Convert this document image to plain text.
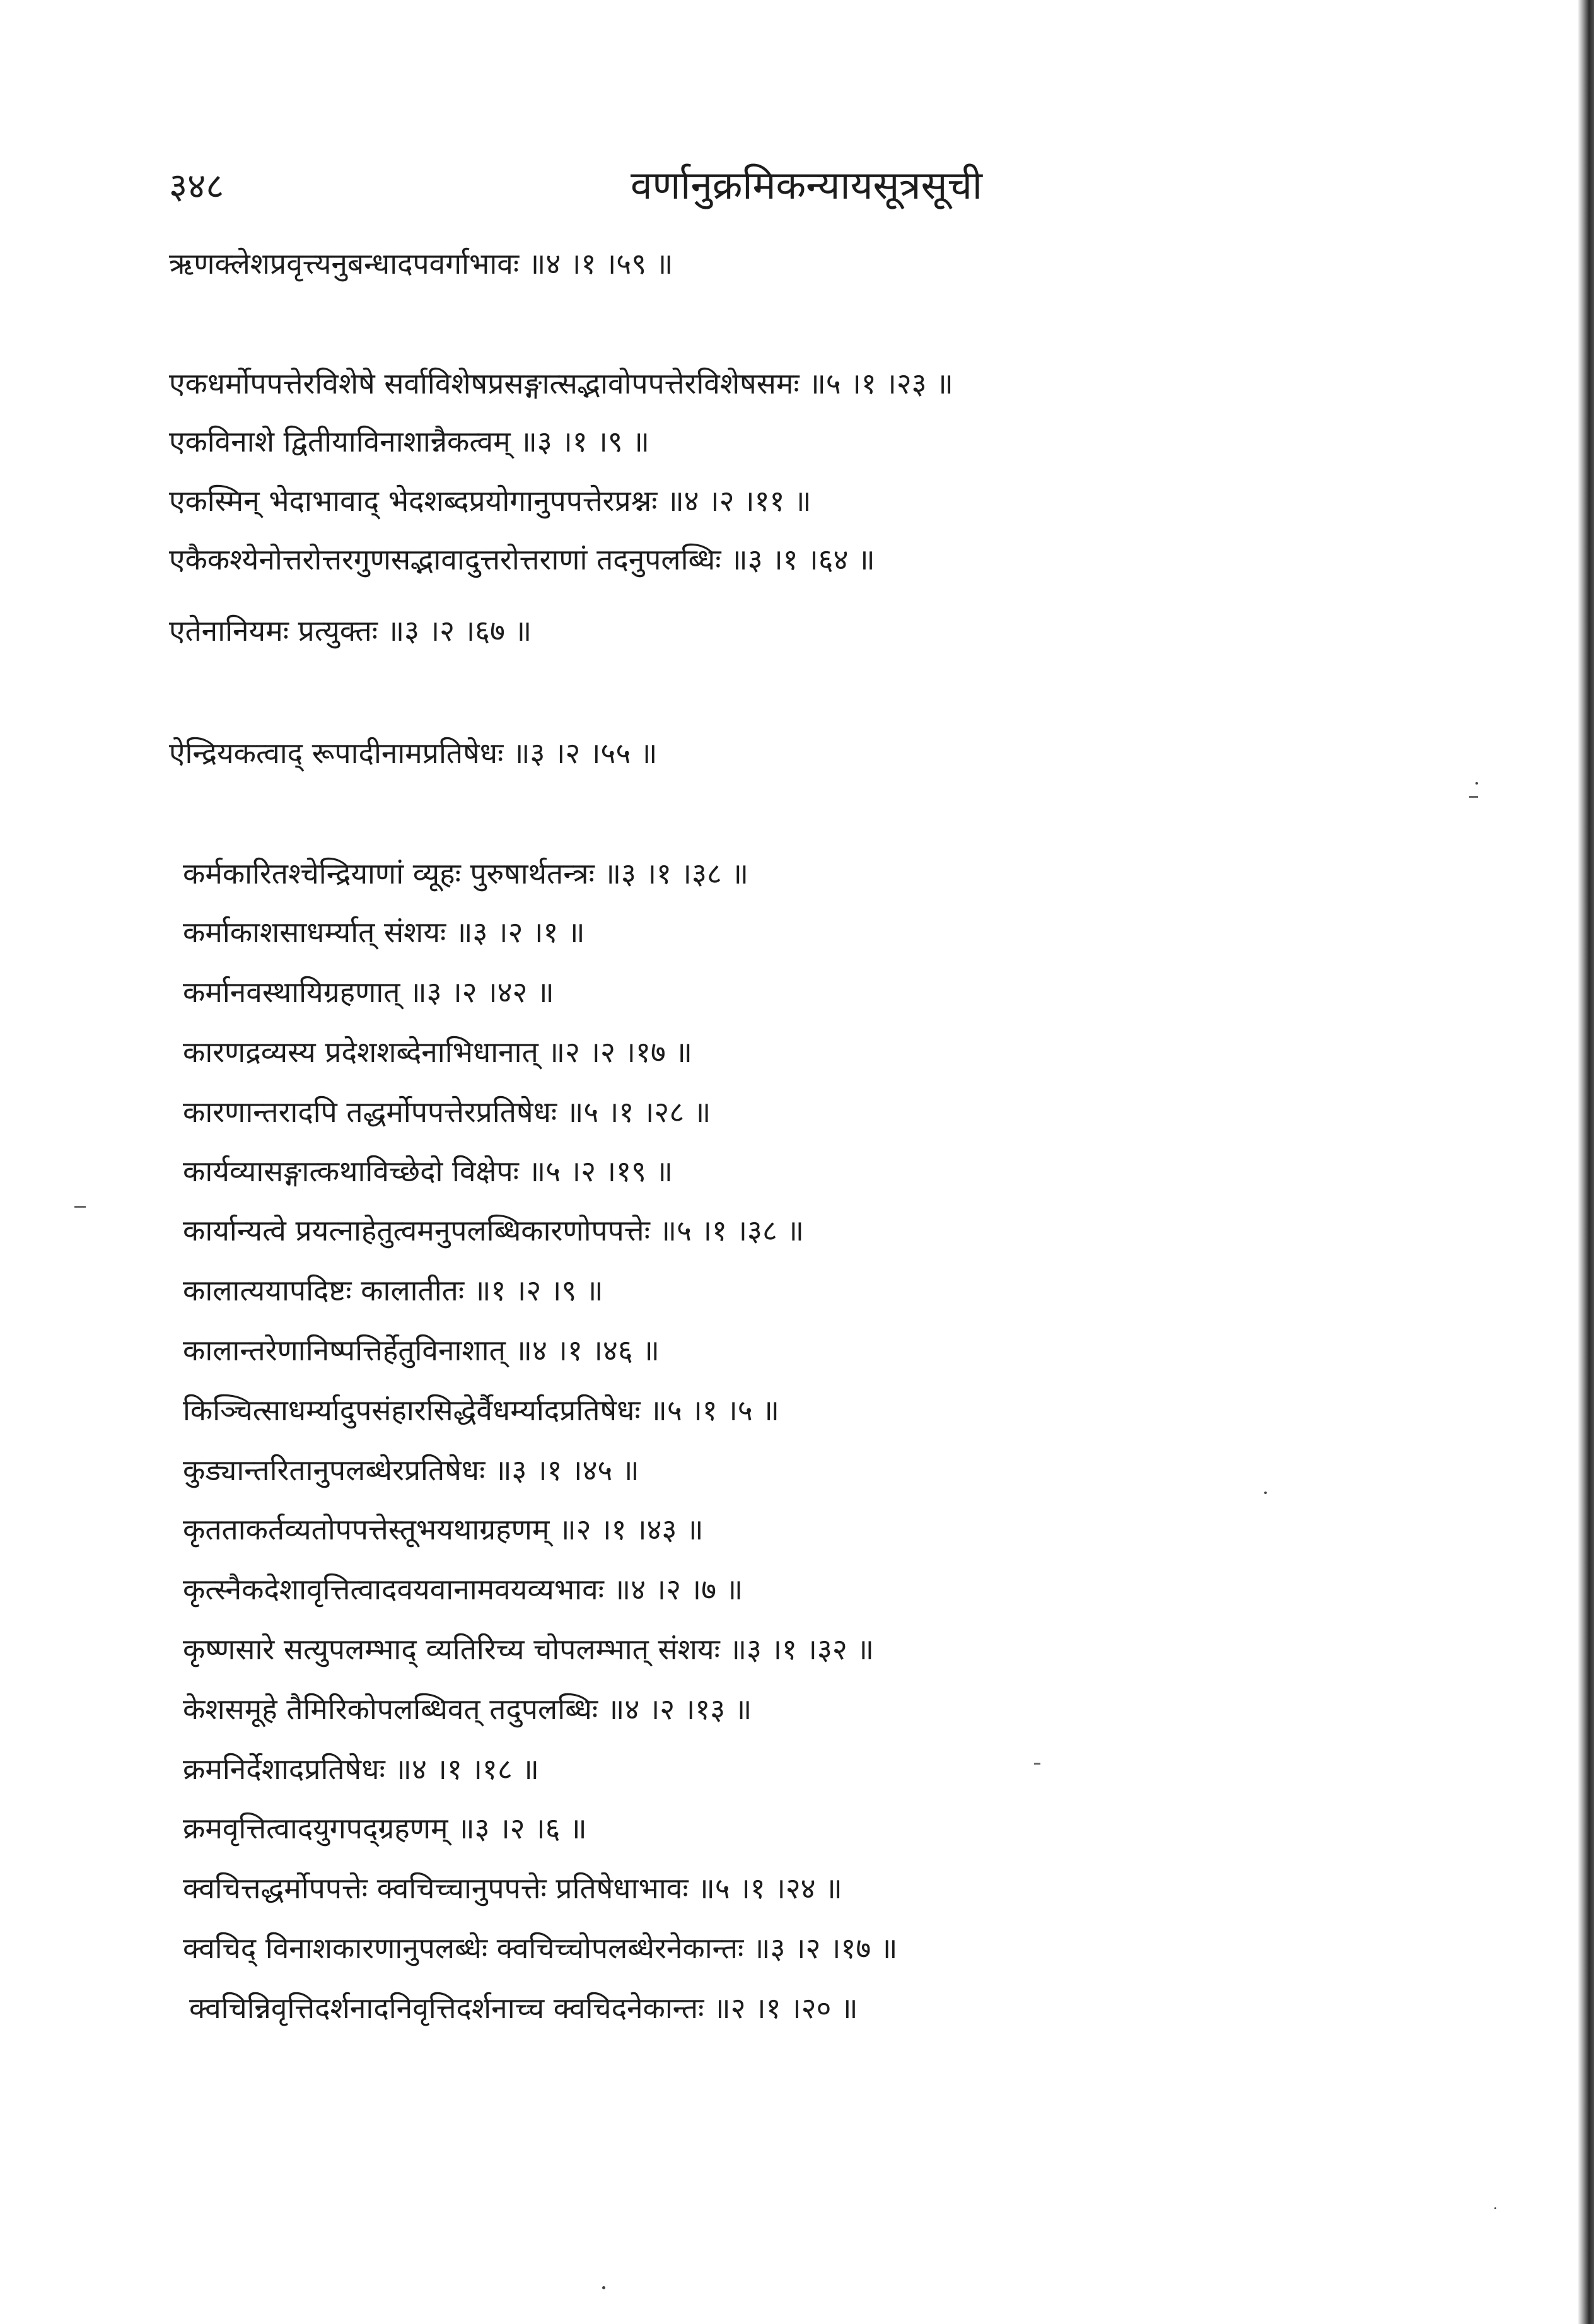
३४८	वर्णानुक्रमिकन्यायसूत्रसूची
ऋणक्लेशप्रवृत्त्यनुबन्धादपवर्गाभावः ॥४ ।१ ।५९ ॥
एकधर्मोपपत्तेरविशेषे सर्वाविशेषप्रसङ्गात्सद्भावोपपत्तेरविशेषसमः ॥५ ।१ ।२३ ॥
एकविनाशे द्वितीयाविनाशान्नैकत्वम् ॥३ ।१ ।९ ॥
एकस्मिन् भेदाभावाद् भेदशब्दप्रयोगानुपपत्तेरप्रश्नः ॥४ ।२ ।११ ॥
एकैकश्येनोत्तरोत्तरगुणसद्भावादुत्तरोत्तराणां तदनुपलब्धिः ॥३ ।१ ।६४ ॥
एतेनानियमः प्रत्युक्तः ॥३ ।२ ।६७ ॥
ऐन्द्रियकत्वाद् रूपादीनामप्रतिषेधः ॥३ ।२ ।५५ ॥
कर्मकारितश्चेन्द्रियाणां व्यूहः पुरुषार्थतन्त्रः ॥३ ।१ ।३८ ॥
कर्माकाशसाधर्म्यात् संशयः ॥३ ।२ ।१ ॥
कर्मानवस्थायिग्रहणात् ॥३ ।२ ।४२ ॥
कारणद्रव्यस्य प्रदेशशब्देनाभिधानात् ॥२ ।२ ।१७ ॥
कारणान्तरादपि तद्धर्मोपपत्तेरप्रतिषेधः ॥५ ।१ ।२८ ॥
कार्यव्यासङ्गात्कथाविच्छेदो विक्षेपः ॥५ ।२ ।१९ ॥
कार्यान्यत्वे प्रयत्नाहेतुत्वमनुपलब्धिकारणोपपत्तेः ॥५ ।१ ।३८ ॥
कालात्ययापदिष्टः कालातीतः ॥१ ।२ ।९ ॥
कालान्तरेणानिष्पत्तिर्हेतुविनाशात् ॥४ ।१ ।४६ ॥
किञ्चित्साधर्म्यादुपसंहारसिद्धेर्वैधर्म्यादप्रतिषेधः ॥५ ।१ ।५ ॥
कुड्यान्तरितानुपलब्धेरप्रतिषेधः ॥३ ।१ ।४५ ॥
कृतताकर्तव्यतोपपत्तेस्तूभयथाग्रहणम् ॥२ ।१ ।४३ ॥
कृत्स्नैकदेशावृत्तित्वादवयवानामवयव्यभावः ॥४ ।२ ।७ ॥
कृष्णसारे सत्युपलम्भाद् व्यतिरिच्य चोपलम्भात् संशयः ॥३ ।१ ।३२ ॥
केशसमूहे तैमिरिकोपलब्धिवत् तदुपलब्धिः ॥४ ।२ ।१३ ॥
क्रमनिर्देशादप्रतिषेधः ॥४ ।१ ।१८ ॥
क्रमवृत्तित्वादयुगपद्ग्रहणम् ॥३ ।२ ।६ ॥
क्वचित्तद्धर्मोपपत्तेः क्वचिच्चानुपपत्तेः प्रतिषेधाभावः ॥५ ।१ ।२४ ॥
क्वचिद् विनाशकारणानुपलब्धेः क्वचिच्चोपलब्धेरनेकान्तः ॥३ ।२ ।१७ ॥
क्वचिन्निवृत्तिदर्शनादनिवृत्तिदर्शनाच्च क्वचिदनेकान्तः ॥२ ।१ ।२० ॥
